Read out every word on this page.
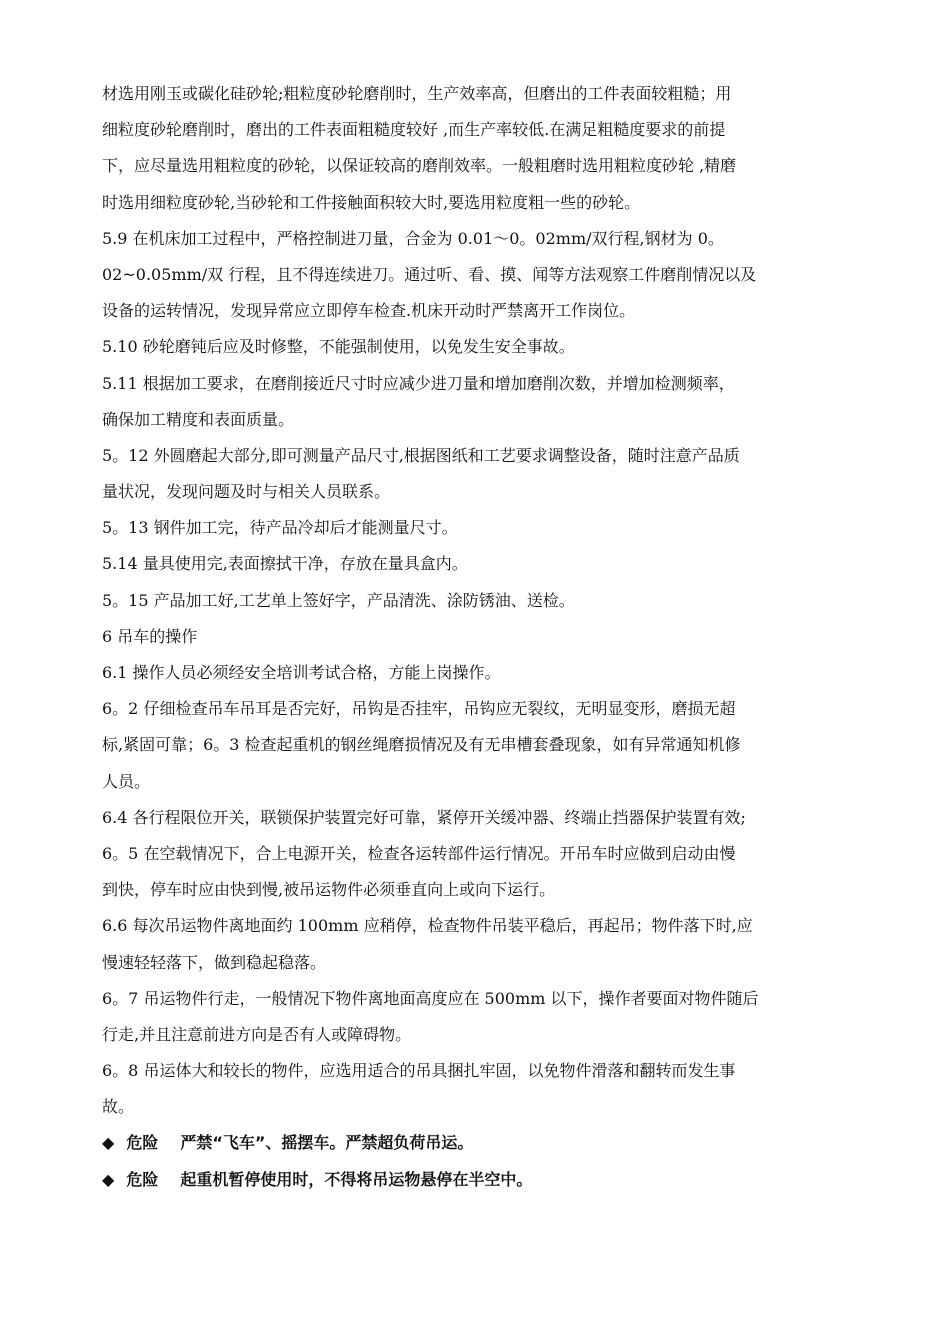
材选用刚玉或碳化硅砂轮;粗粒度砂轮磨削时，生产效率高，但磨出的工件表面较粗糙；用
细粒度砂轮磨削时，磨出的工件表面粗糙度较好 ,而生产率较低.在满足粗糙度要求的前提
下，应尽量选用粗粒度的砂轮，以保证较高的磨削效率。一般粗磨时选用粗粒度砂轮 ,精磨
时选用细粒度砂轮,当砂轮和工件接触面积较大时,要选用粒度粗一些的砂轮。
5.9 在机床加工过程中，严格控制进刀量，合金为 0.01～0。02mm/双行程,钢材为 0。
02~0.05mm/双 行程，且不得连续进刀。通过听、看、摸、闻等方法观察工件磨削情况以及
设备的运转情况，发现异常应立即停车检查.机床开动时严禁离开工作岗位。
5.10 砂轮磨钝后应及时修整，不能强制使用，以免发生安全事故。
5.11 根据加工要求，在磨削接近尺寸时应减少进刀量和增加磨削次数，并增加检测频率，
确保加工精度和表面质量。
5。12 外圆磨起大部分,即可测量产品尺寸,根据图纸和工艺要求调整设备，随时注意产品质
量状况，发现问题及时与相关人员联系。
5。13 钢件加工完，待产品冷却后才能测量尺寸。
5.14 量具使用完,表面擦拭干净，存放在量具盒内。
5。15 产品加工好,工艺单上签好字，产品清洗、涂防锈油、送检。
6 吊车的操作
6.1 操作人员必须经安全培训考试合格，方能上岗操作。
6。2 仔细检查吊车吊耳是否完好，吊钩是否挂牢，吊钩应无裂纹，无明显变形，磨损无超
标,紧固可靠；6。3 检查起重机的钢丝绳磨损情况及有无串槽套叠现象，如有异常通知机修
人员。
6.4 各行程限位开关，联锁保护装置完好可靠，紧停开关缓冲器、终端止挡器保护装置有效;
6。5 在空载情况下，合上电源开关，检查各运转部件运行情况。开吊车时应做到启动由慢
到快，停车时应由快到慢,被吊运物件必须垂直向上或向下运行。
6.6 每次吊运物件离地面约 100mm 应稍停，检查物件吊装平稳后，再起吊；物件落下时,应
慢速轻轻落下，做到稳起稳落。
6。7 吊运物件行走，一般情况下物件离地面高度应在 500mm 以下，操作者要面对物件随后
行走,并且注意前进方向是否有人或障碍物。
6。8 吊运体大和较长的物件，应选用适合的吊具捆扎牢固，以免物件滑落和翻转而发生事
故。
◆ 危险 严禁“飞车”、摇摆车。严禁超负荷吊运。
◆ 危险 起重机暂停使用时，不得将吊运物悬停在半空中。
